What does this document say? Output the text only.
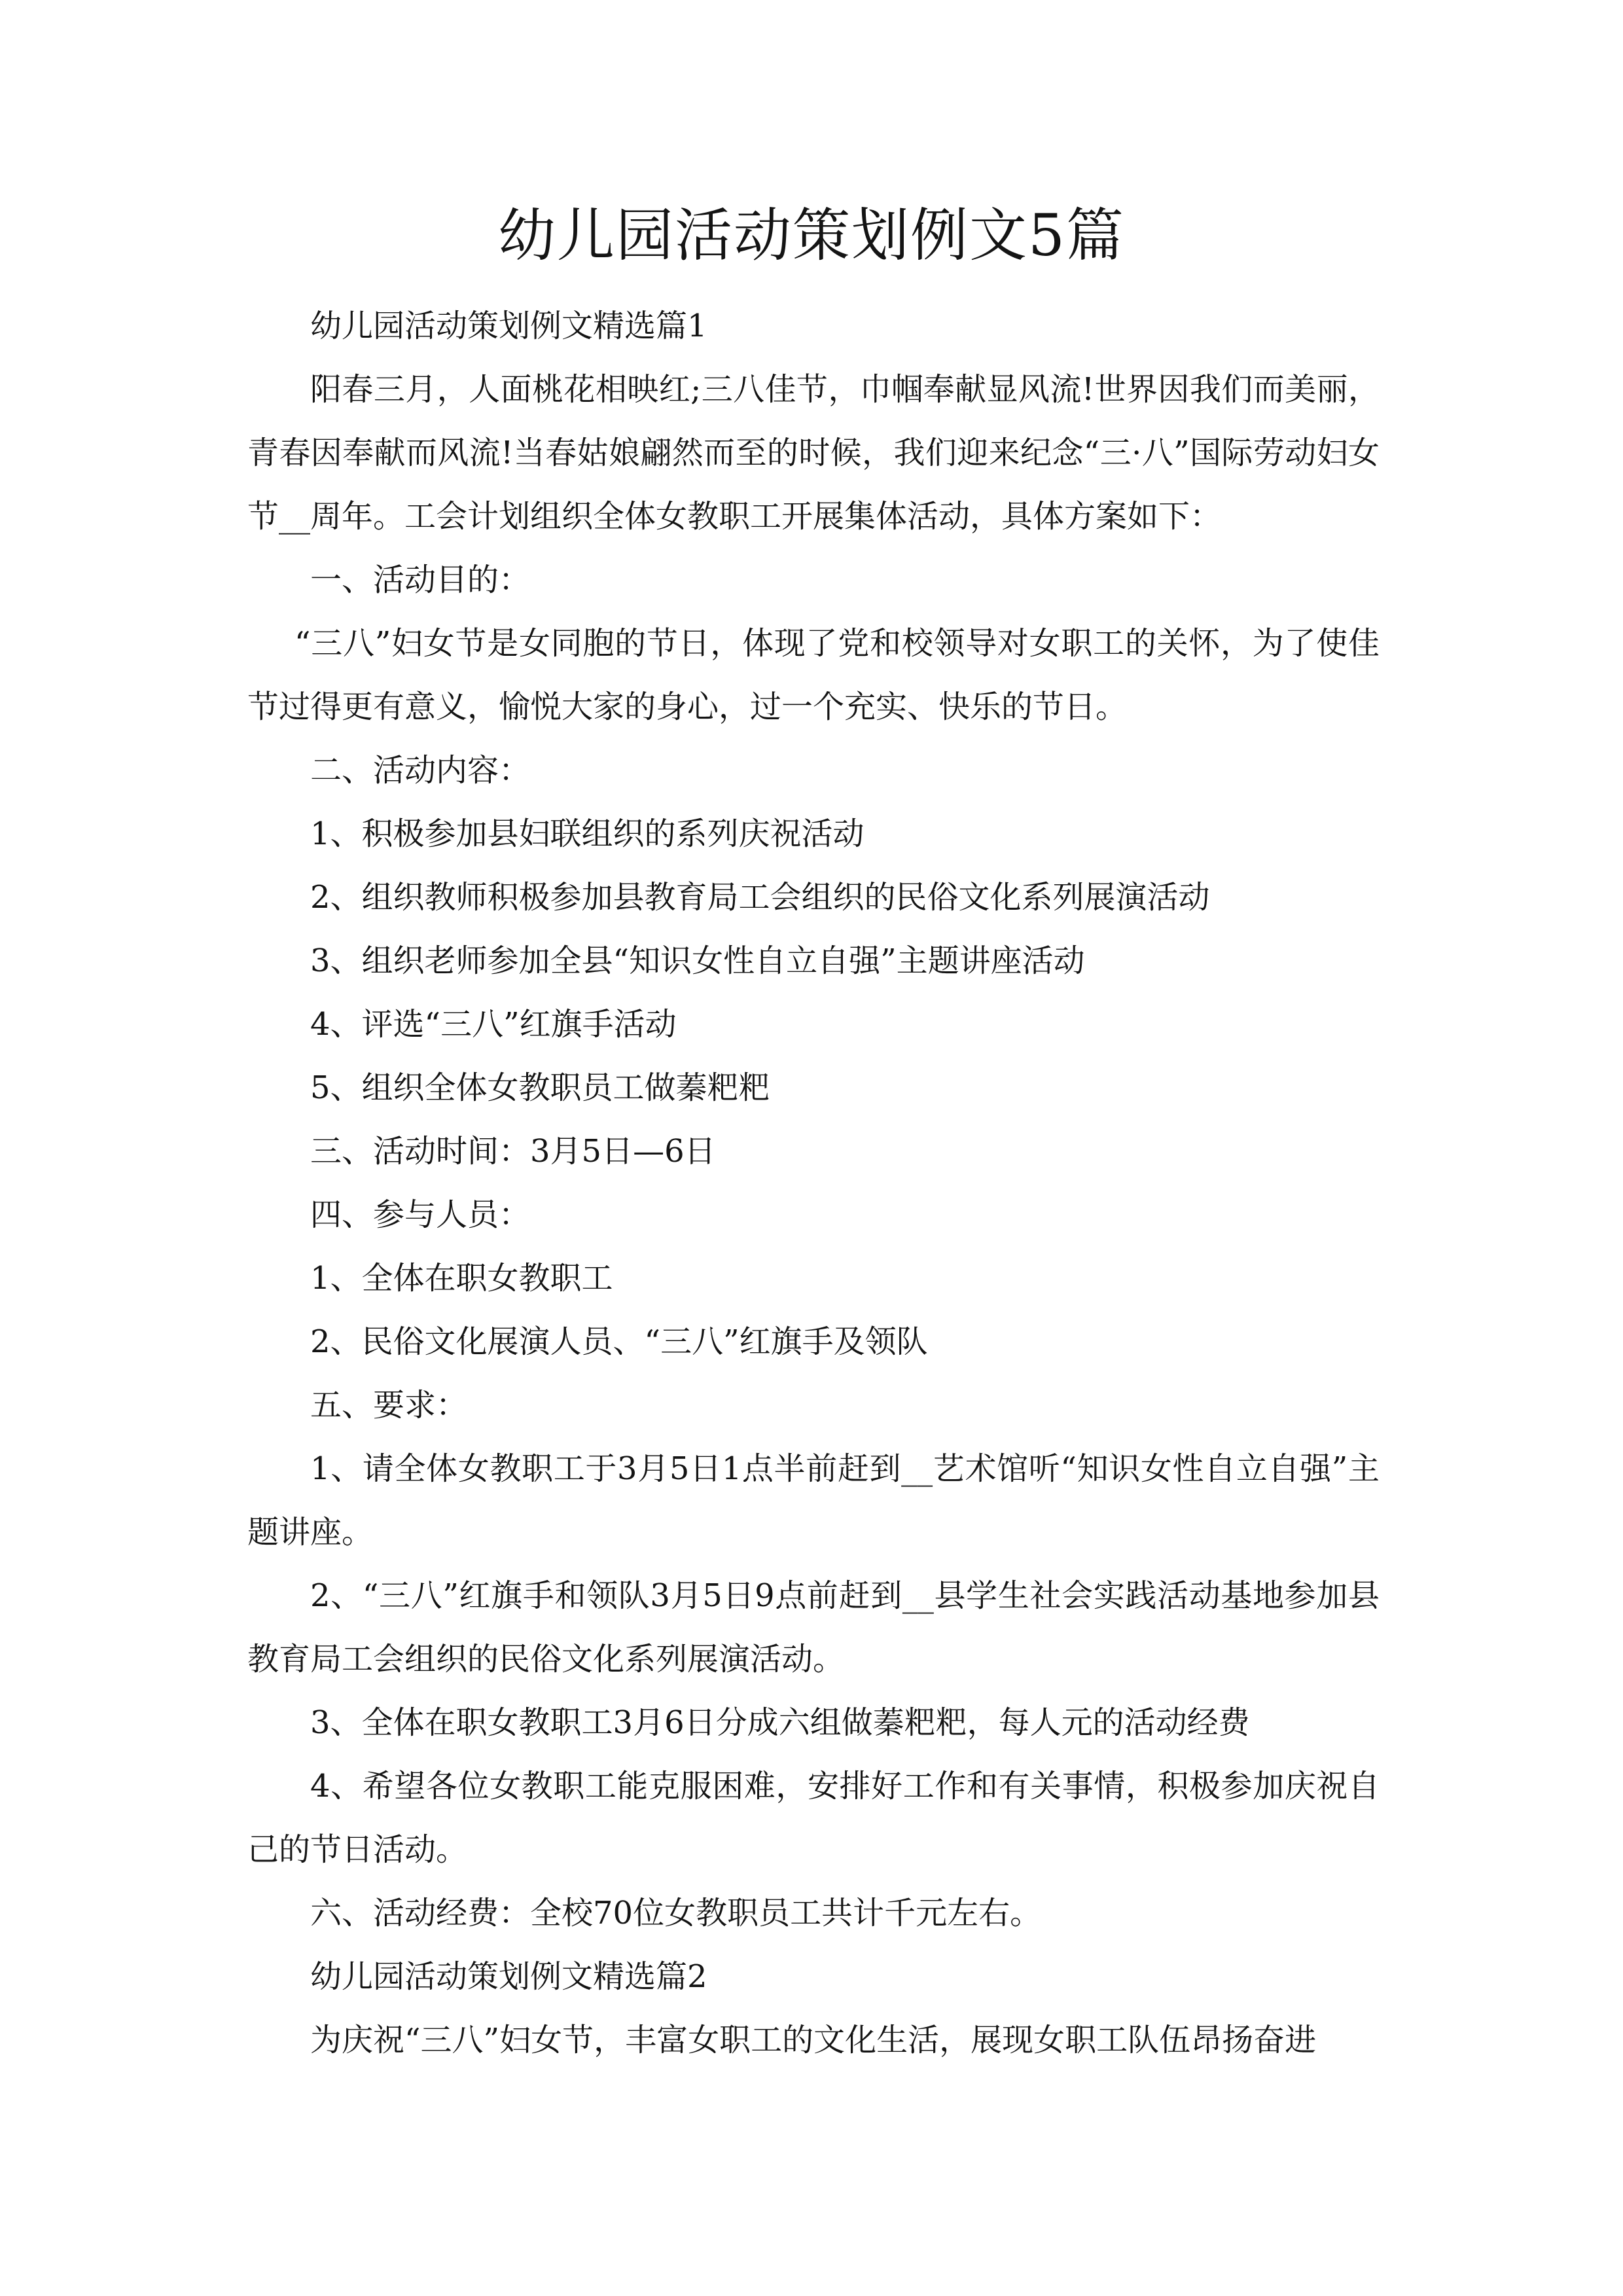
幼儿园活动策划例文5篇

幼儿园活动策划例文精选篇1

阳春三月，人面桃花相映红;三八佳节，巾帼奉献显风流!世界因我们而美丽，青春因奉献而风流!当春姑娘翩然而至的时候，我们迎来纪念“三·八”国际劳动妇女节__周年。工会计划组织全体女教职工开展集体活动，具体方案如下：

一、活动目的：

“三八”妇女节是女同胞的节日，体现了党和校领导对女职工的关怀，为了使佳节过得更有意义，愉悦大家的身心，过一个充实、快乐的节日。

二、活动内容：

1、积极参加县妇联组织的系列庆祝活动

2、组织教师积极参加县教育局工会组织的民俗文化系列展演活动

3、组织老师参加全县“知识女性自立自强”主题讲座活动

4、评选“三八”红旗手活动

5、组织全体女教职员工做蓁粑粑

三、活动时间：3月5日—6日

四、参与人员：

1、全体在职女教职工

2、民俗文化展演人员、“三八”红旗手及领队

五、要求：

1、请全体女教职工于3月5日1点半前赶到__艺术馆听“知识女性自立自强”主题讲座。

2、“三八”红旗手和领队3月5日9点前赶到__县学生社会实践活动基地参加县教育局工会组织的民俗文化系列展演活动。

3、全体在职女教职工3月6日分成六组做蓁粑粑，每人元的活动经费

4、希望各位女教职工能克服困难，安排好工作和有关事情，积极参加庆祝自己的节日活动。

六、活动经费：全校70位女教职员工共计千元左右。

幼儿园活动策划例文精选篇2

为庆祝“三八”妇女节，丰富女职工的文化生活，展现女职工队伍昂扬奋进
